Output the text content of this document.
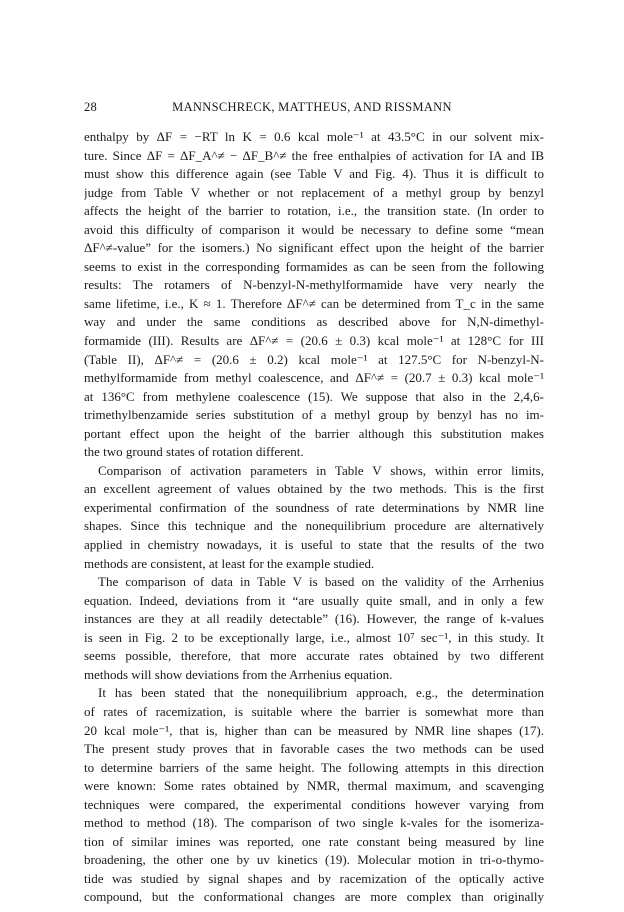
28	MANNSCHRECK, MATTHEUS, AND RISSMANN
enthalpy by ΔF = −RT ln K = 0.6 kcal mole⁻¹ at 43.5°C in our solvent mix-
ture. Since ΔF = ΔF_A^≠ − ΔF_B^≠ the free enthalpies of activation for IA and IB
must show this difference again (see Table V and Fig. 4). Thus it is difficult to
judge from Table V whether or not replacement of a methyl group by benzyl
affects the height of the barrier to rotation, i.e., the transition state. (In order to
avoid this difficulty of comparison it would be necessary to define some “mean
ΔF^≠-value” for the isomers.) No significant effect upon the height of the barrier
seems to exist in the corresponding formamides as can be seen from the following
results: The rotamers of N-benzyl-N-methylformamide have very nearly the
same lifetime, i.e., K ≈ 1. Therefore ΔF^≠ can be determined from T_c in the same
way and under the same conditions as described above for N,N-dimethyl-
formamide (III). Results are ΔF^≠ = (20.6 ± 0.3) kcal mole⁻¹ at 128°C for III
(Table II), ΔF^≠ = (20.6 ± 0.2) kcal mole⁻¹ at 127.5°C for N-benzyl-N-
methylformamide from methyl coalescence, and ΔF^≠ = (20.7 ± 0.3) kcal mole⁻¹
at 136°C from methylene coalescence (15). We suppose that also in the 2,4,6-
trimethylbenzamide series substitution of a methyl group by benzyl has no im-
portant effect upon the height of the barrier although this substitution makes
the two ground states of rotation different.
Comparison of activation parameters in Table V shows, within error limits,
an excellent agreement of values obtained by the two methods. This is the first
experimental confirmation of the soundness of rate determinations by NMR line
shapes. Since this technique and the nonequilibrium procedure are alternatively
applied in chemistry nowadays, it is useful to state that the results of the two
methods are consistent, at least for the example studied.
The comparison of data in Table V is based on the validity of the Arrhenius
equation. Indeed, deviations from it “are usually quite small, and in only a few
instances are they at all readily detectable” (16). However, the range of k-values
is seen in Fig. 2 to be exceptionally large, i.e., almost 10⁷ sec⁻¹, in this study. It
seems possible, therefore, that more accurate rates obtained by two different
methods will show deviations from the Arrhenius equation.
It has been stated that the nonequilibrium approach, e.g., the determination
of rates of racemization, is suitable where the barrier is somewhat more than
20 kcal mole⁻¹, that is, higher than can be measured by NMR line shapes (17).
The present study proves that in favorable cases the two methods can be used
to determine barriers of the same height. The following attempts in this direction
were known: Some rates obtained by NMR, thermal maximum, and scavenging
techniques were compared, the experimental conditions however varying from
method to method (18). The comparison of two single k-vales for the isomeriza-
tion of similar imines was reported, one rate constant being measured by line
broadening, the other one by uv kinetics (19). Molecular motion in tri-o-thymo-
tide was studied by signal shapes and by racemization of the optically active
compound, but the conformational changes are more complex than originally
